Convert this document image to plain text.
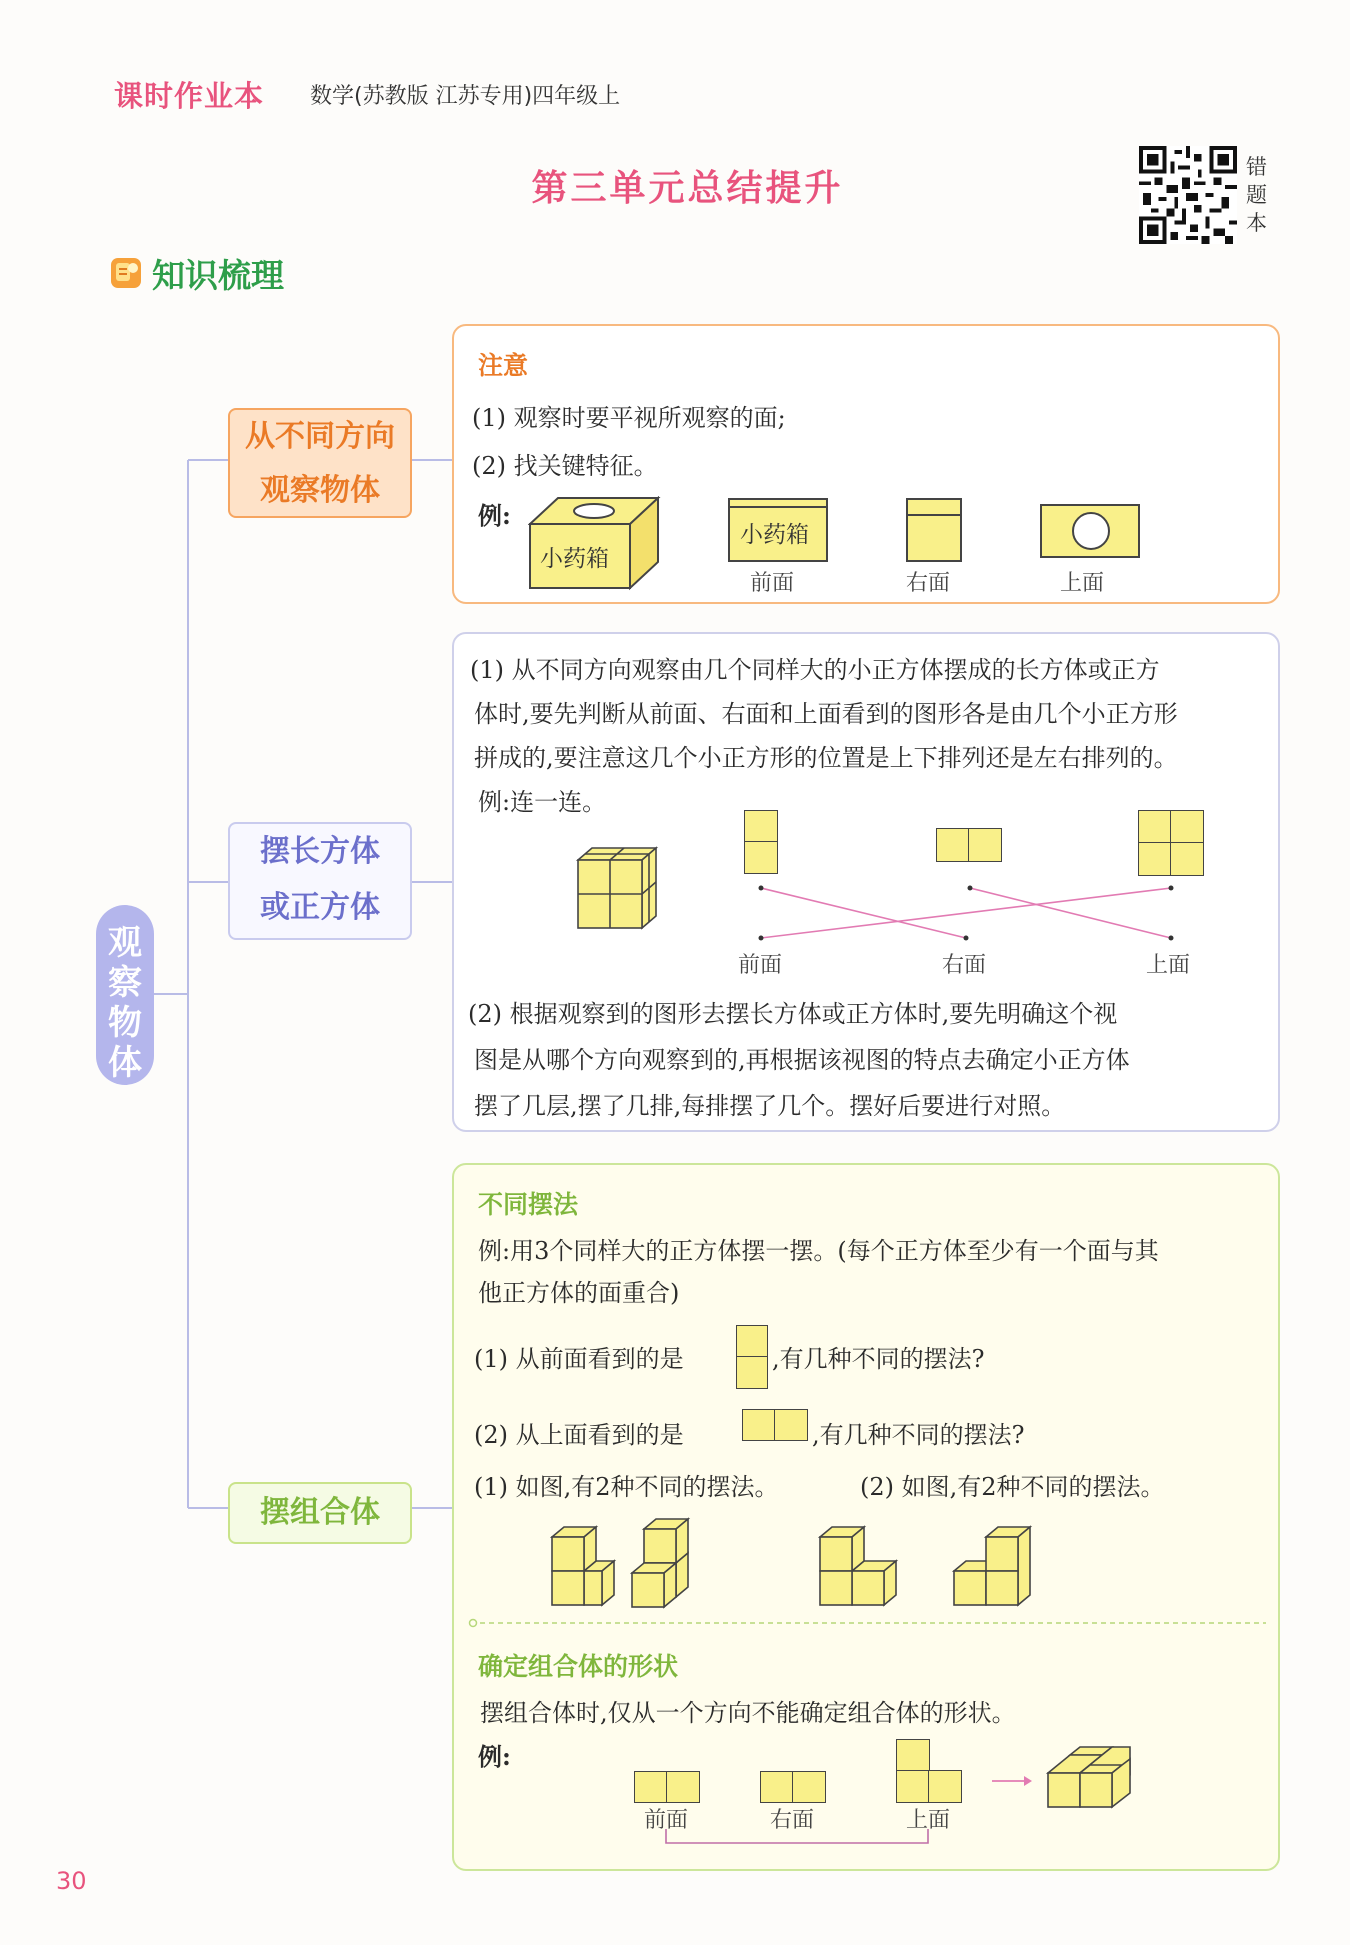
课时作业本 数学(苏教版 江苏专用)四年级上
第三单元总结提升
错题本
知识梳理
观
察
物
体
从不同方向
观察物体
摆长方体
或正方体
摆组合体
注意
(1) 观察时要平视所观察的面;
(2) 找关键特征。
例:
小药箱
小药箱
前面	右面	上面
(1) 从不同方向观察由几个同样大的小正方体摆成的长方体或正方
体时,要先判断从前面、右面和上面看到的图形各是由几个小正方形
拼成的,要注意这几个小正方形的位置是上下排列还是左右排列的。
例:连一连。
前面	右面	上面
(2) 根据观察到的图形去摆长方体或正方体时,要先明确这个视
图是从哪个方向观察到的,再根据该视图的特点去确定小正方体
摆了几层,摆了几排,每排摆了几个。摆好后要进行对照。
不同摆法
例:用3个同样大的正方体摆一摆。(每个正方体至少有一个面与其
他正方体的面重合)
(1) 从前面看到的是	,有几种不同的摆法?
(2) 从上面看到的是	,有几种不同的摆法?
(1) 如图,有2种不同的摆法。	(2) 如图,有2种不同的摆法。
确定组合体的形状
摆组合体时,仅从一个方向不能确定组合体的形状。
例:
前面	右面	上面
30
